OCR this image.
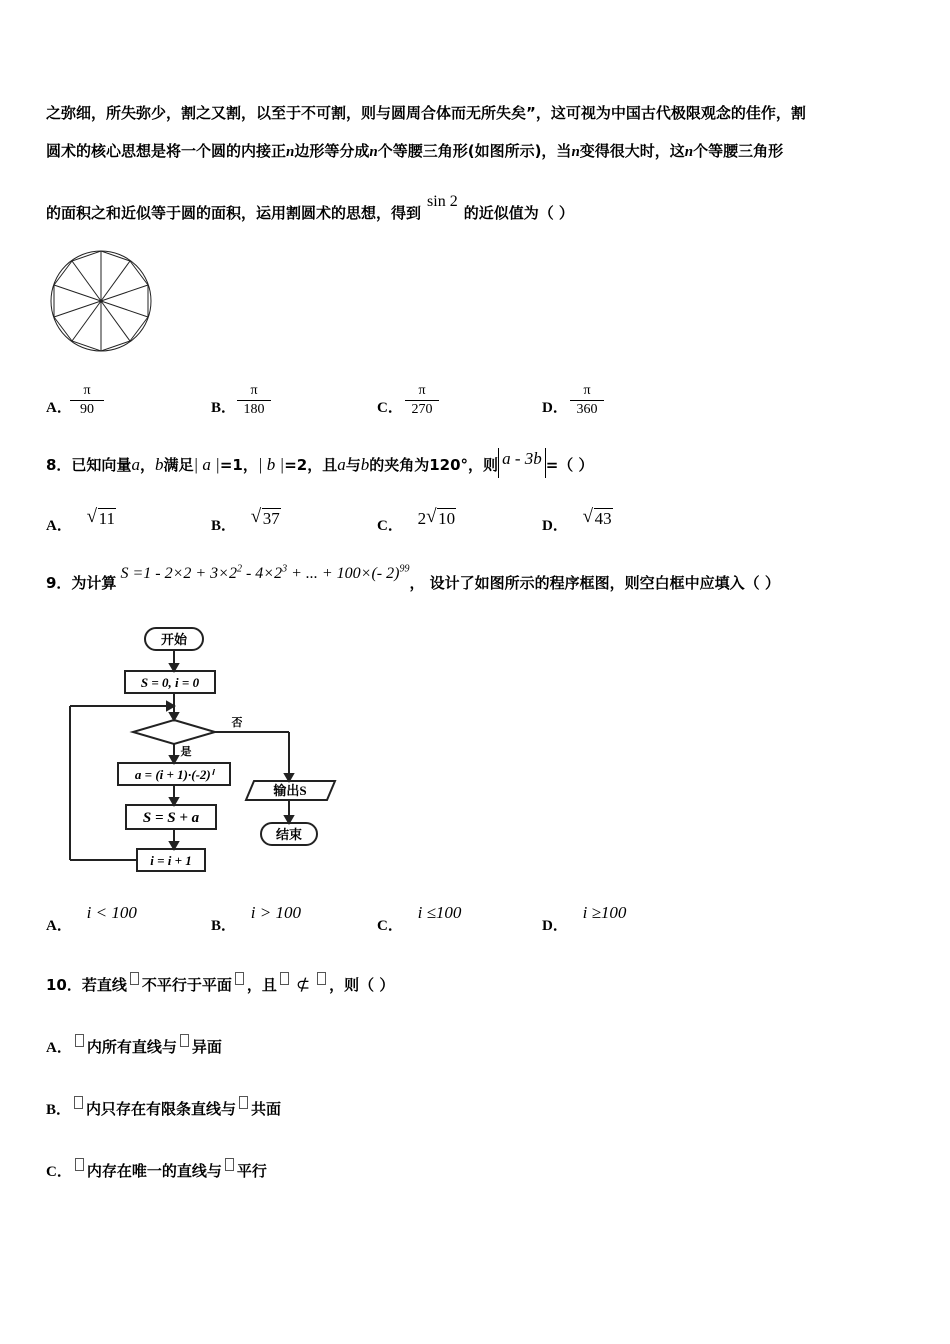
之弥细，所失弥少，割之又割，以至于不可割，则与圆周合体而无所失矣”，这可视为中国古代极限观念的佳作，割
圆术的核心思想是将一个圆的内接正n边形等分成n个等腰三角形(如图所示)，当n变得很大时，这n个等腰三角形
的面积之和近似等于圆的面积，运用割圆术的思想，得到sin 2的近似值为（ ）
A．
$\frac{\pi}{90}$	B． $\frac{\pi}{180}$	C． $\frac{\pi}{270}$	D． $\frac{\pi}{360}$
8．已知向量a，b满足| a |=1，| b |=2，且a与b的夹角为120°，则 a - 3b =（ ）
A． √ 11	B． √ 37	C． 2 √ 10	D． √ 43
9．为计算$S =1 - 2\times 2 + 3\times 2^2 - 4\times 2^3$ + ... + 100×(- 2)$^{99}$， 设计了如图所示的程序框图，则空白框中应填入（ ）
开始
S = 0, i = 0
否
是
a = (i + 1)·(-2)ⁱ
S = S + a
i = i + 1
输出S
结束
A． i < 100
B． i > 100
C． i ≤100
D． i ≥100
10．若直线 不平行于平面 ，且 ⊄ ，则（ ）
A． 内所有直线与 异面
B． 内只存在有限条直线与 共面
C． 内存在唯一的直线与 平行
